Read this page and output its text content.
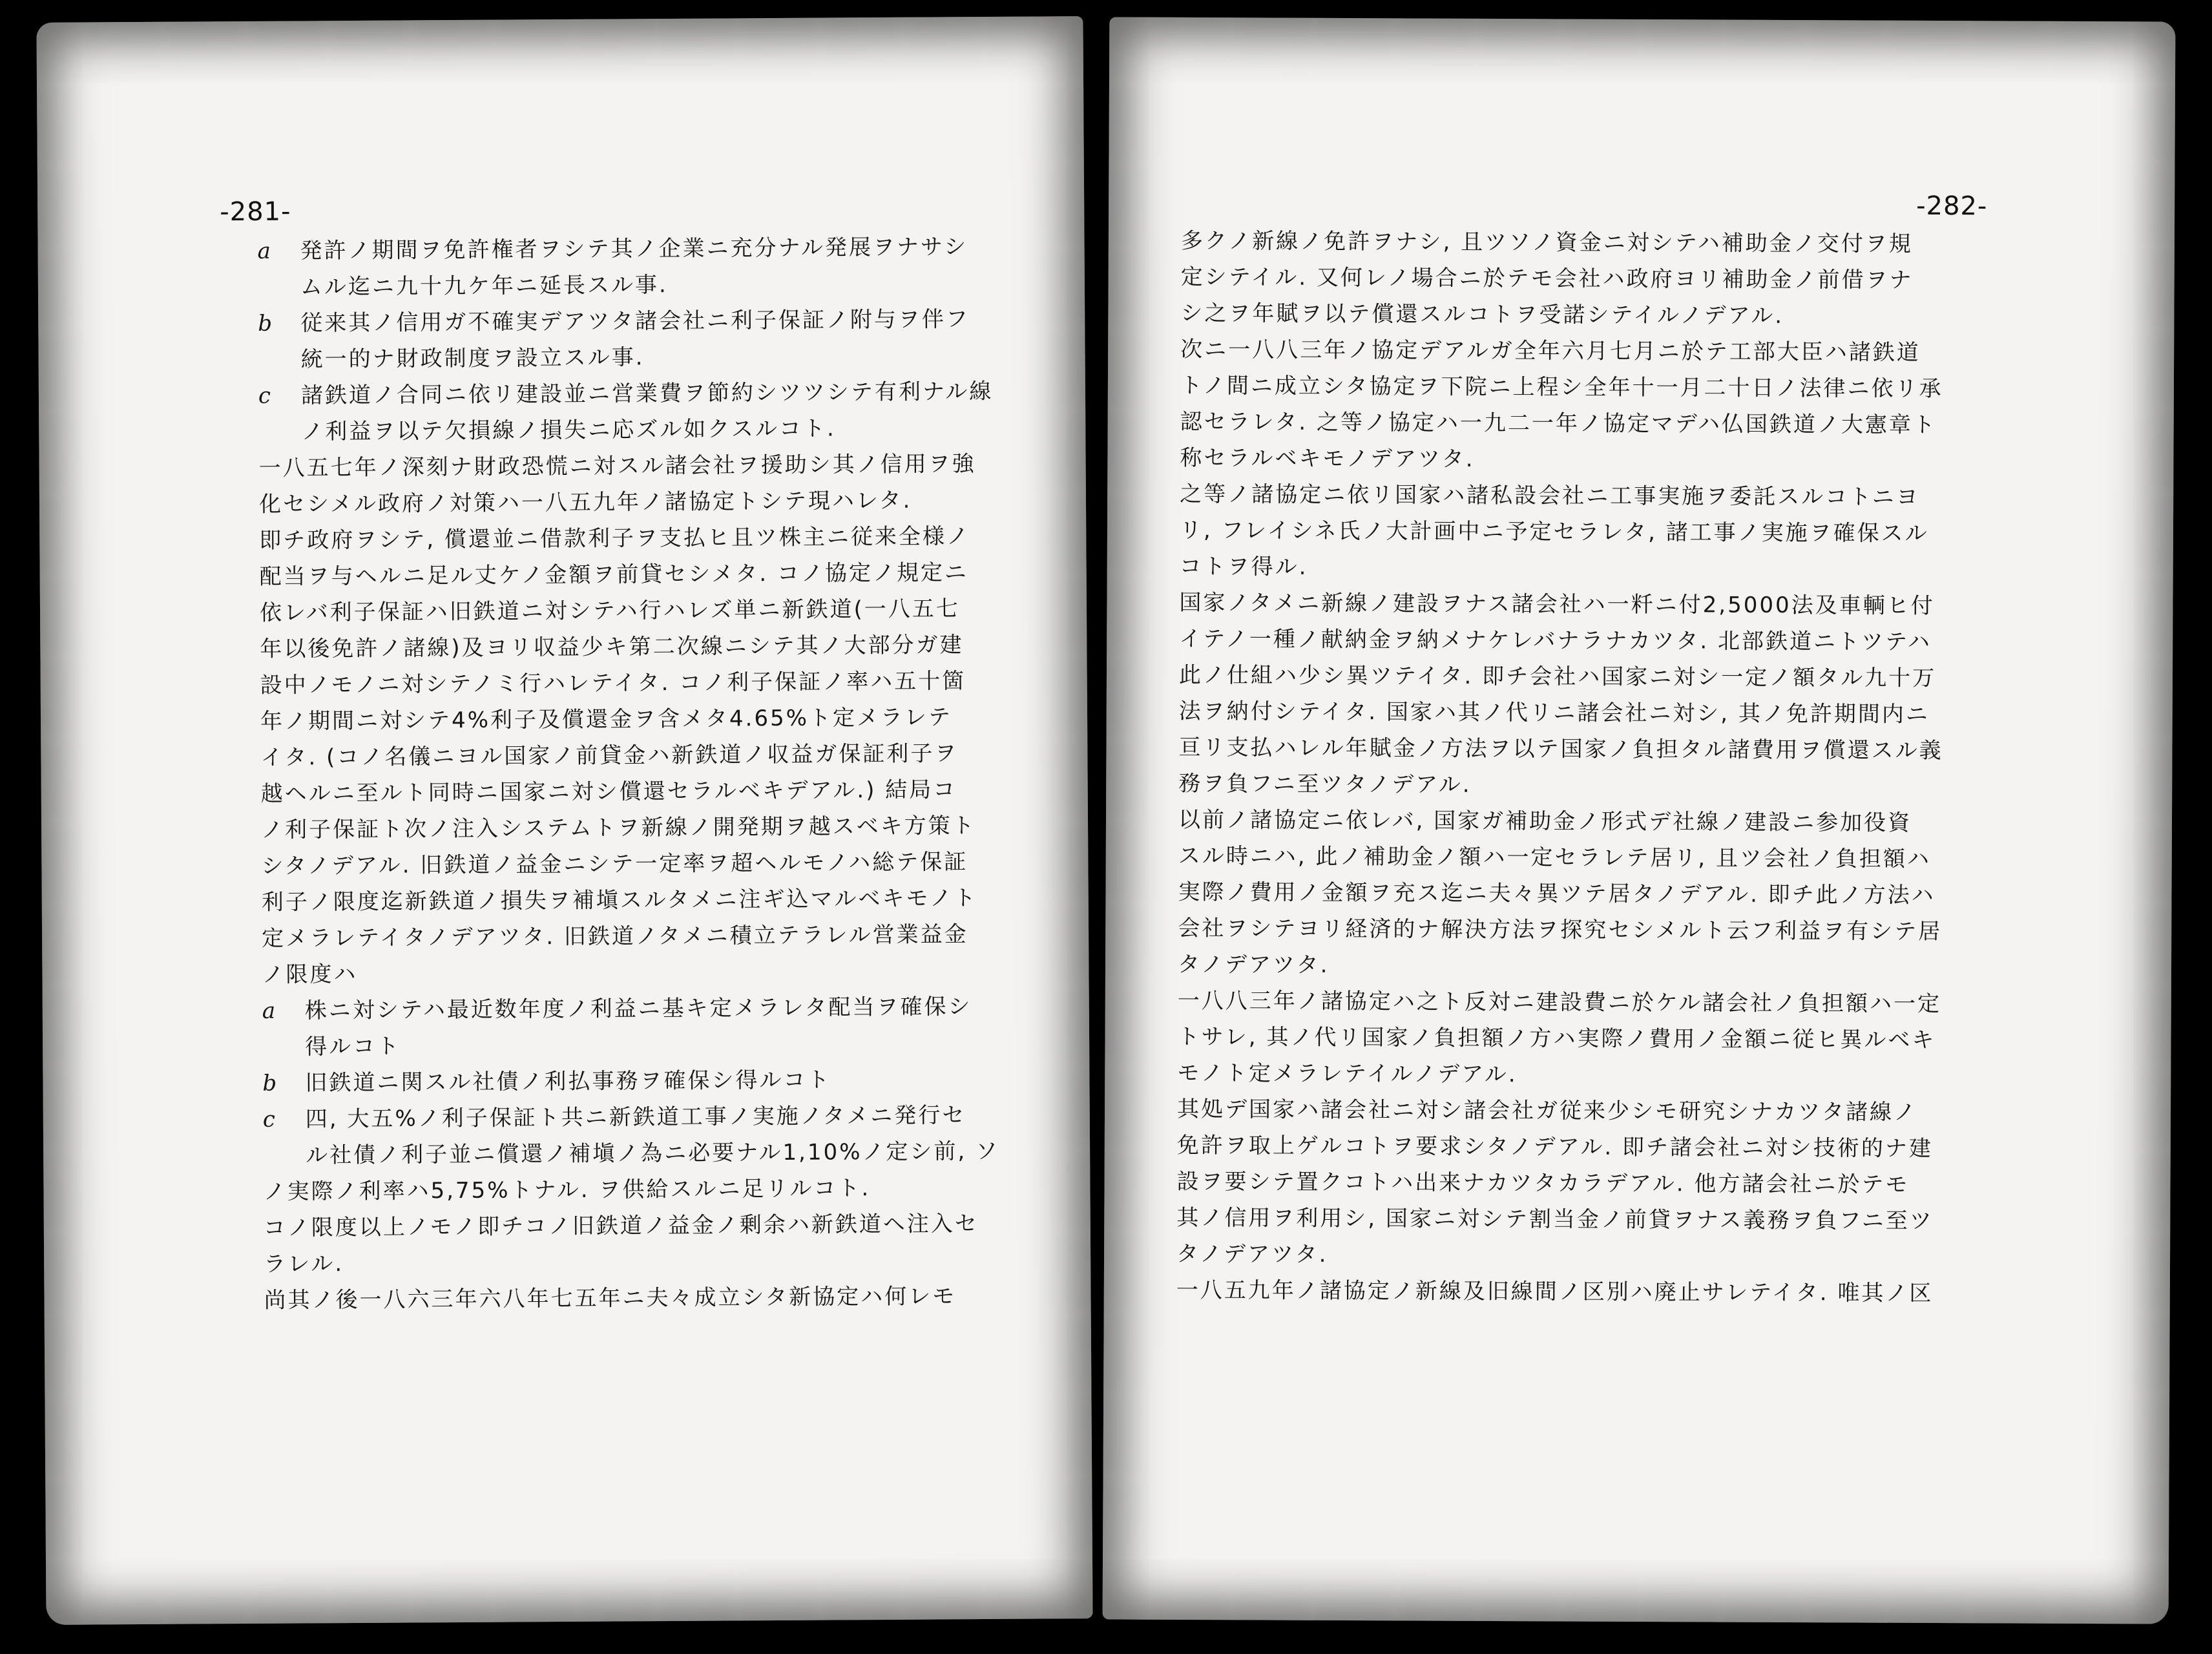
-281-
a 発許ノ期間ヲ免許権者ヲシテ其ノ企業ニ充分ナル発展ヲナサシ
ムル迄ニ九十九ケ年ニ延長スル事.
b 従来其ノ信用ガ不確実デアツタ諸会社ニ利子保証ノ附与ヲ伴フ
統一的ナ財政制度ヲ設立スル事.
c 諸鉄道ノ合同ニ依リ建設並ニ営業費ヲ節約シツツシテ有利ナル線
ノ利益ヲ以テ欠損線ノ損失ニ応ズル如クスルコト.
一八五七年ノ深刻ナ財政恐慌ニ対スル諸会社ヲ援助シ其ノ信用ヲ強
化セシメル政府ノ対策ハ一八五九年ノ諸協定トシテ現ハレタ.
即チ政府ヲシテ, 償還並ニ借款利子ヲ支払ヒ且ツ株主ニ従来全様ノ
配当ヲ与ヘルニ足ル丈ケノ金額ヲ前貸セシメタ. コノ協定ノ規定ニ
依レバ利子保証ハ旧鉄道ニ対シテハ行ハレズ単ニ新鉄道(一八五七
年以後免許ノ諸線)及ヨリ収益少キ第二次線ニシテ其ノ大部分ガ建
設中ノモノニ対シテノミ行ハレテイタ. コノ利子保証ノ率ハ五十箇
年ノ期間ニ対シテ4%利子及償還金ヲ含メタ4.65%ト定メラレテ
イタ. (コノ名儀ニヨル国家ノ前貸金ハ新鉄道ノ収益ガ保証利子ヲ
越ヘルニ至ルト同時ニ国家ニ対シ償還セラルベキデアル.) 結局コ
ノ利子保証ト次ノ注入システムトヲ新線ノ開発期ヲ越スベキ方策ト
シタノデアル. 旧鉄道ノ益金ニシテ一定率ヲ超ヘルモノハ総テ保証
利子ノ限度迄新鉄道ノ損失ヲ補塡スルタメニ注ギ込マルベキモノト
定メラレテイタノデアツタ. 旧鉄道ノタメニ積立テラレル営業益金
ノ限度ハ
a 株ニ対シテハ最近数年度ノ利益ニ基キ定メラレタ配当ヲ確保シ
得ルコト
b 旧鉄道ニ関スル社債ノ利払事務ヲ確保シ得ルコト
c 四, 大五%ノ利子保証ト共ニ新鉄道工事ノ実施ノタメニ発行セ
ル社債ノ利子並ニ償還ノ補塡ノ為ニ必要ナル1,10%ノ定シ前, ソ
ノ実際ノ利率ハ5,75%トナル. ヲ供給スルニ足リルコト.
コノ限度以上ノモノ即チコノ旧鉄道ノ益金ノ剰余ハ新鉄道ヘ注入セ
ラレル.
尚其ノ後一八六三年六八年七五年ニ夫々成立シタ新協定ハ何レモ
-282-
多クノ新線ノ免許ヲナシ, 且ツソノ資金ニ対シテハ補助金ノ交付ヲ規
定シテイル. 又何レノ場合ニ於テモ会社ハ政府ヨリ補助金ノ前借ヲナ
シ之ヲ年賦ヲ以テ償還スルコトヲ受諾シテイルノデアル.
次ニ一八八三年ノ協定デアルガ全年六月七月ニ於テ工部大臣ハ諸鉄道
トノ間ニ成立シタ協定ヲ下院ニ上程シ全年十一月二十日ノ法律ニ依リ承
認セラレタ. 之等ノ協定ハ一九二一年ノ協定マデハ仏国鉄道ノ大憲章ト
称セラルベキモノデアツタ.
之等ノ諸協定ニ依リ国家ハ諸私設会社ニ工事実施ヲ委託スルコトニヨ
リ, フレイシネ氏ノ大計画中ニ予定セラレタ, 諸工事ノ実施ヲ確保スル
コトヲ得ル.
国家ノタメニ新線ノ建設ヲナス諸会社ハ一粁ニ付2,5000法及車輌ヒ付
イテノ一種ノ献納金ヲ納メナケレバナラナカツタ. 北部鉄道ニトツテハ
此ノ仕組ハ少シ異ツテイタ. 即チ会社ハ国家ニ対シ一定ノ額タル九十万
法ヲ納付シテイタ. 国家ハ其ノ代リニ諸会社ニ対シ, 其ノ免許期間内ニ
亘リ支払ハレル年賦金ノ方法ヲ以テ国家ノ負担タル諸費用ヲ償還スル義
務ヲ負フニ至ツタノデアル.
以前ノ諸協定ニ依レバ, 国家ガ補助金ノ形式デ社線ノ建設ニ参加役資
スル時ニハ, 此ノ補助金ノ額ハ一定セラレテ居リ, 且ツ会社ノ負担額ハ
実際ノ費用ノ金額ヲ充ス迄ニ夫々異ツテ居タノデアル. 即チ此ノ方法ハ
会社ヲシテヨリ経済的ナ解決方法ヲ探究セシメルト云フ利益ヲ有シテ居
タノデアツタ.
一八八三年ノ諸協定ハ之ト反対ニ建設費ニ於ケル諸会社ノ負担額ハ一定
トサレ, 其ノ代リ国家ノ負担額ノ方ハ実際ノ費用ノ金額ニ従ヒ異ルベキ
モノト定メラレテイルノデアル.
其処デ国家ハ諸会社ニ対シ諸会社ガ従来少シモ研究シナカツタ諸線ノ
免許ヲ取上ゲルコトヲ要求シタノデアル. 即チ諸会社ニ対シ技術的ナ建
設ヲ要シテ置クコトハ出来ナカツタカラデアル. 他方諸会社ニ於テモ
其ノ信用ヲ利用シ, 国家ニ対シテ割当金ノ前貸ヲナス義務ヲ負フニ至ツ
タノデアツタ.
一八五九年ノ諸協定ノ新線及旧線間ノ区別ハ廃止サレテイタ. 唯其ノ区
